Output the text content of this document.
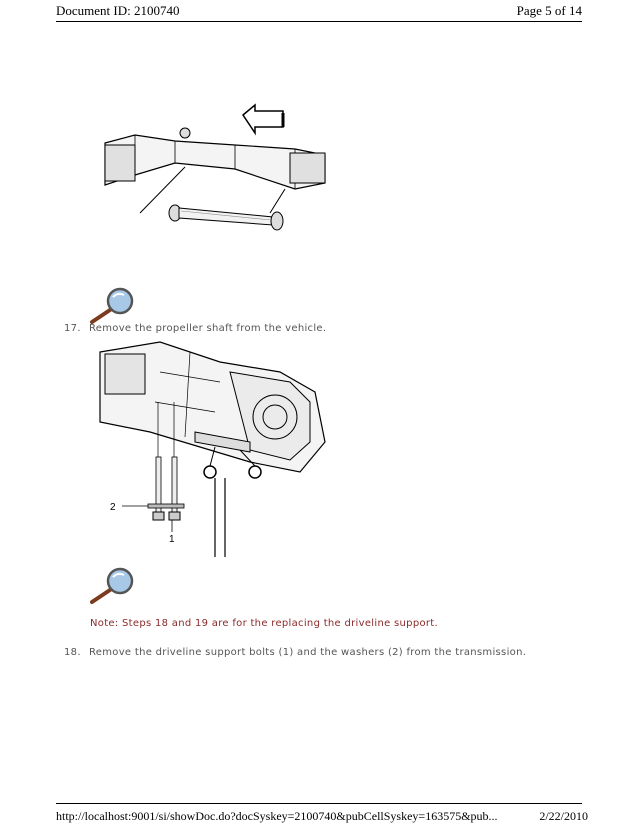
Document ID: 2100740	Page 5 of 14
17. Remove the propeller shaft from the vehicle.
2
1
Note: Steps 18 and 19 are for the replacing the driveline support.
18. Remove the driveline support bolts (1) and the washers (2) from the transmission.
http://localhost:9001/si/showDoc.do?docSyskey=2100740&pubCellSyskey=163575&pub...	2/22/2010
